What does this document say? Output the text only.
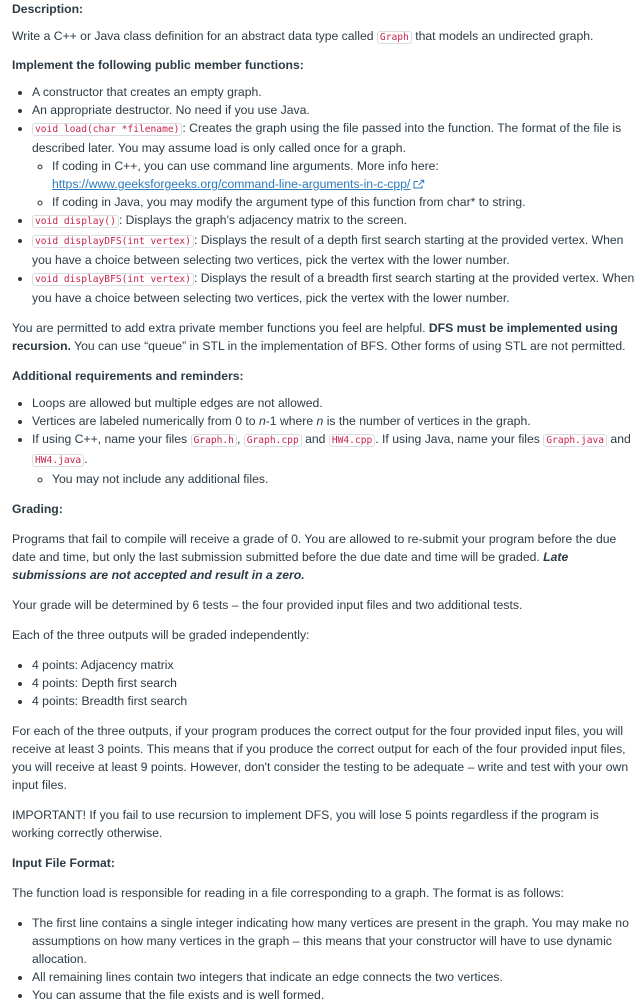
Description:

Write a C++ or Java class definition for an abstract data type called Graph that models an undirected graph.

Implement the following public member functions:

• A constructor that creates an empty graph.
• An appropriate destructor. No need if you use Java.
• void load(char *filename) : Creates the graph using the file passed into the function. The format of the file is described later. You may assume load is only called once for a graph.
◦ If coding in C++, you can use command line arguments. More info here:
https://www.geeksforgeeks.org/command-line-arguments-in-c-cpp/
◦ If coding in Java, you may modify the argument type of this function from char* to string.
• void display() : Displays the graph's adjacency matrix to the screen.
• void displayDFS(int vertex) : Displays the result of a depth first search starting at the provided vertex. When you have a choice between selecting two vertices, pick the vertex with the lower number.
• void displayBFS(int vertex) : Displays the result of a breadth first search starting at the provided vertex. When you have a choice between selecting two vertices, pick the vertex with the lower number.

You are permitted to add extra private member functions you feel are helpful. DFS must be implemented using recursion. You can use “queue” in STL in the implementation of BFS. Other forms of using STL are not permitted.

Additional requirements and reminders:

• Loops are allowed but multiple edges are not allowed.
• Vertices are labeled numerically from 0 to n-1 where n is the number of vertices in the graph.
• If using C++, name your files Graph.h , Graph.cpp and HW4.cpp . If using Java, name your files Graph.java and HW4.java .
◦ You may not include any additional files.

Grading:

Programs that fail to compile will receive a grade of 0. You are allowed to re-submit your program before the due date and time, but only the last submission submitted before the due date and time will be graded. Late submissions are not accepted and result in a zero.

Your grade will be determined by 6 tests – the four provided input files and two additional tests.

Each of the three outputs will be graded independently:

• 4 points: Adjacency matrix
• 4 points: Depth first search
• 4 points: Breadth first search

For each of the three outputs, if your program produces the correct output for the four provided input files, you will receive at least 3 points. This means that if you produce the correct output for each of the four provided input files, you will receive at least 9 points. However, don't consider the testing to be adequate – write and test with your own input files.

IMPORTANT! If you fail to use recursion to implement DFS, you will lose 5 points regardless if the program is working correctly otherwise.

Input File Format:

The function load is responsible for reading in a file corresponding to a graph. The format is as follows:

• The first line contains a single integer indicating how many vertices are present in the graph. You may make no assumptions on how many vertices in the graph – this means that your constructor will have to use dynamic allocation.
• All remaining lines contain two integers that indicate an edge connects the two vertices.
• You can assume that the file exists and is well formed.
